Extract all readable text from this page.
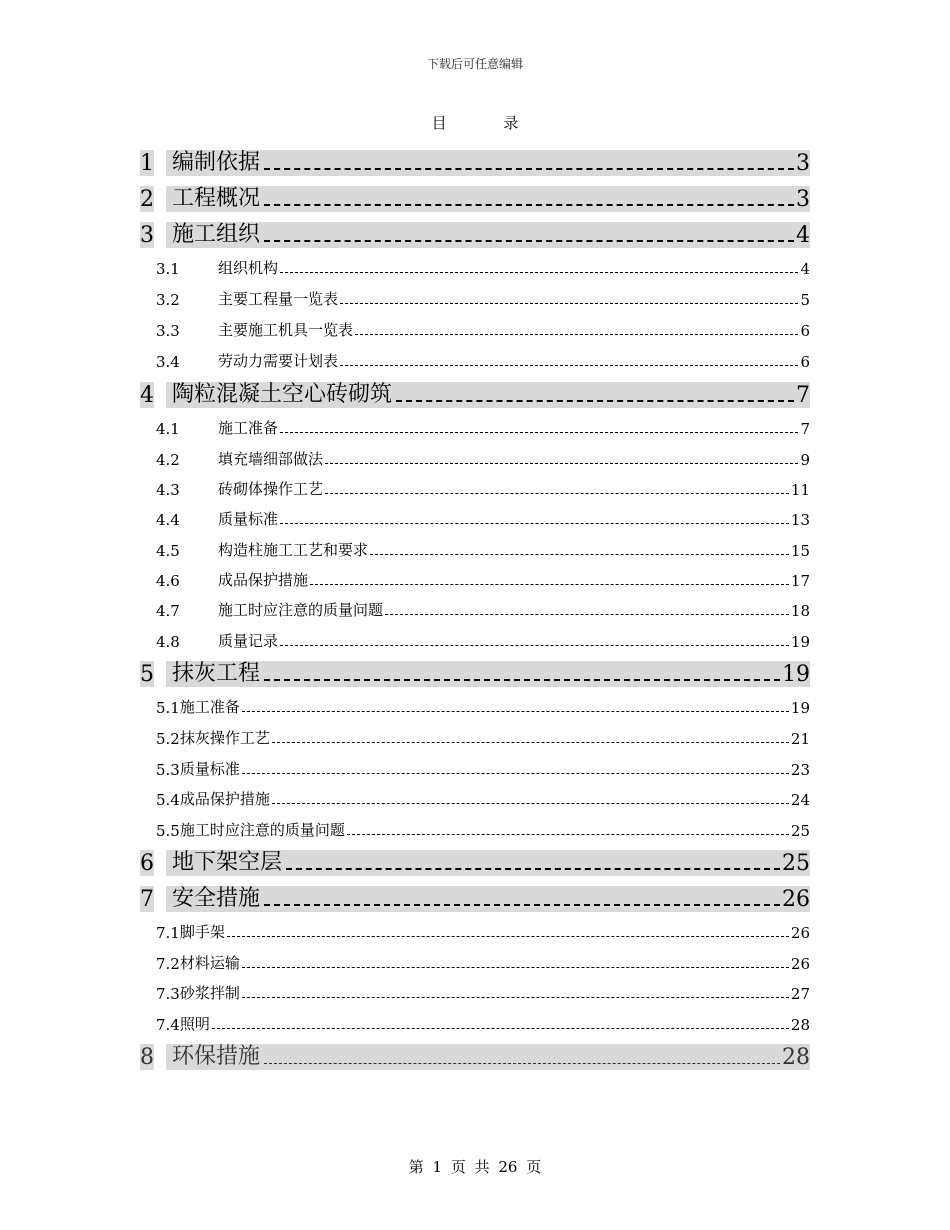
下载后可任意编辑
目 录
1 编制依据	3
2 工程概况	3
3 施工组织	4
3.1	组织机构	4
3.2	主要工程量一览表	5
3.3	主要施工机具一览表	6
3.4	劳动力需要计划表	6
4 陶粒混凝土空心砖砌筑	7
4.1	施工准备	7
4.2	填充墙细部做法	9
4.3	砖砌体操作工艺	11
4.4	质量标准	13
4.5	构造柱施工工艺和要求	15
4.6	成品保护措施	17
4.7	施工时应注意的质量问题	18
4.8	质量记录	19
5 抹灰工程	19
5.1 施工准备	19
5.2 抹灰操作工艺	21
5.3 质量标准	23
5.4 成品保护措施	24
5.5 施工时应注意的质量问题	25
6 地下架空层	25
7 安全措施	26
7.1 脚手架	26
7.2 材料运输	26
7.3 砂浆拌制	27
7.4 照明	28
8 环保措施	28
第 1 页 共 26 页
